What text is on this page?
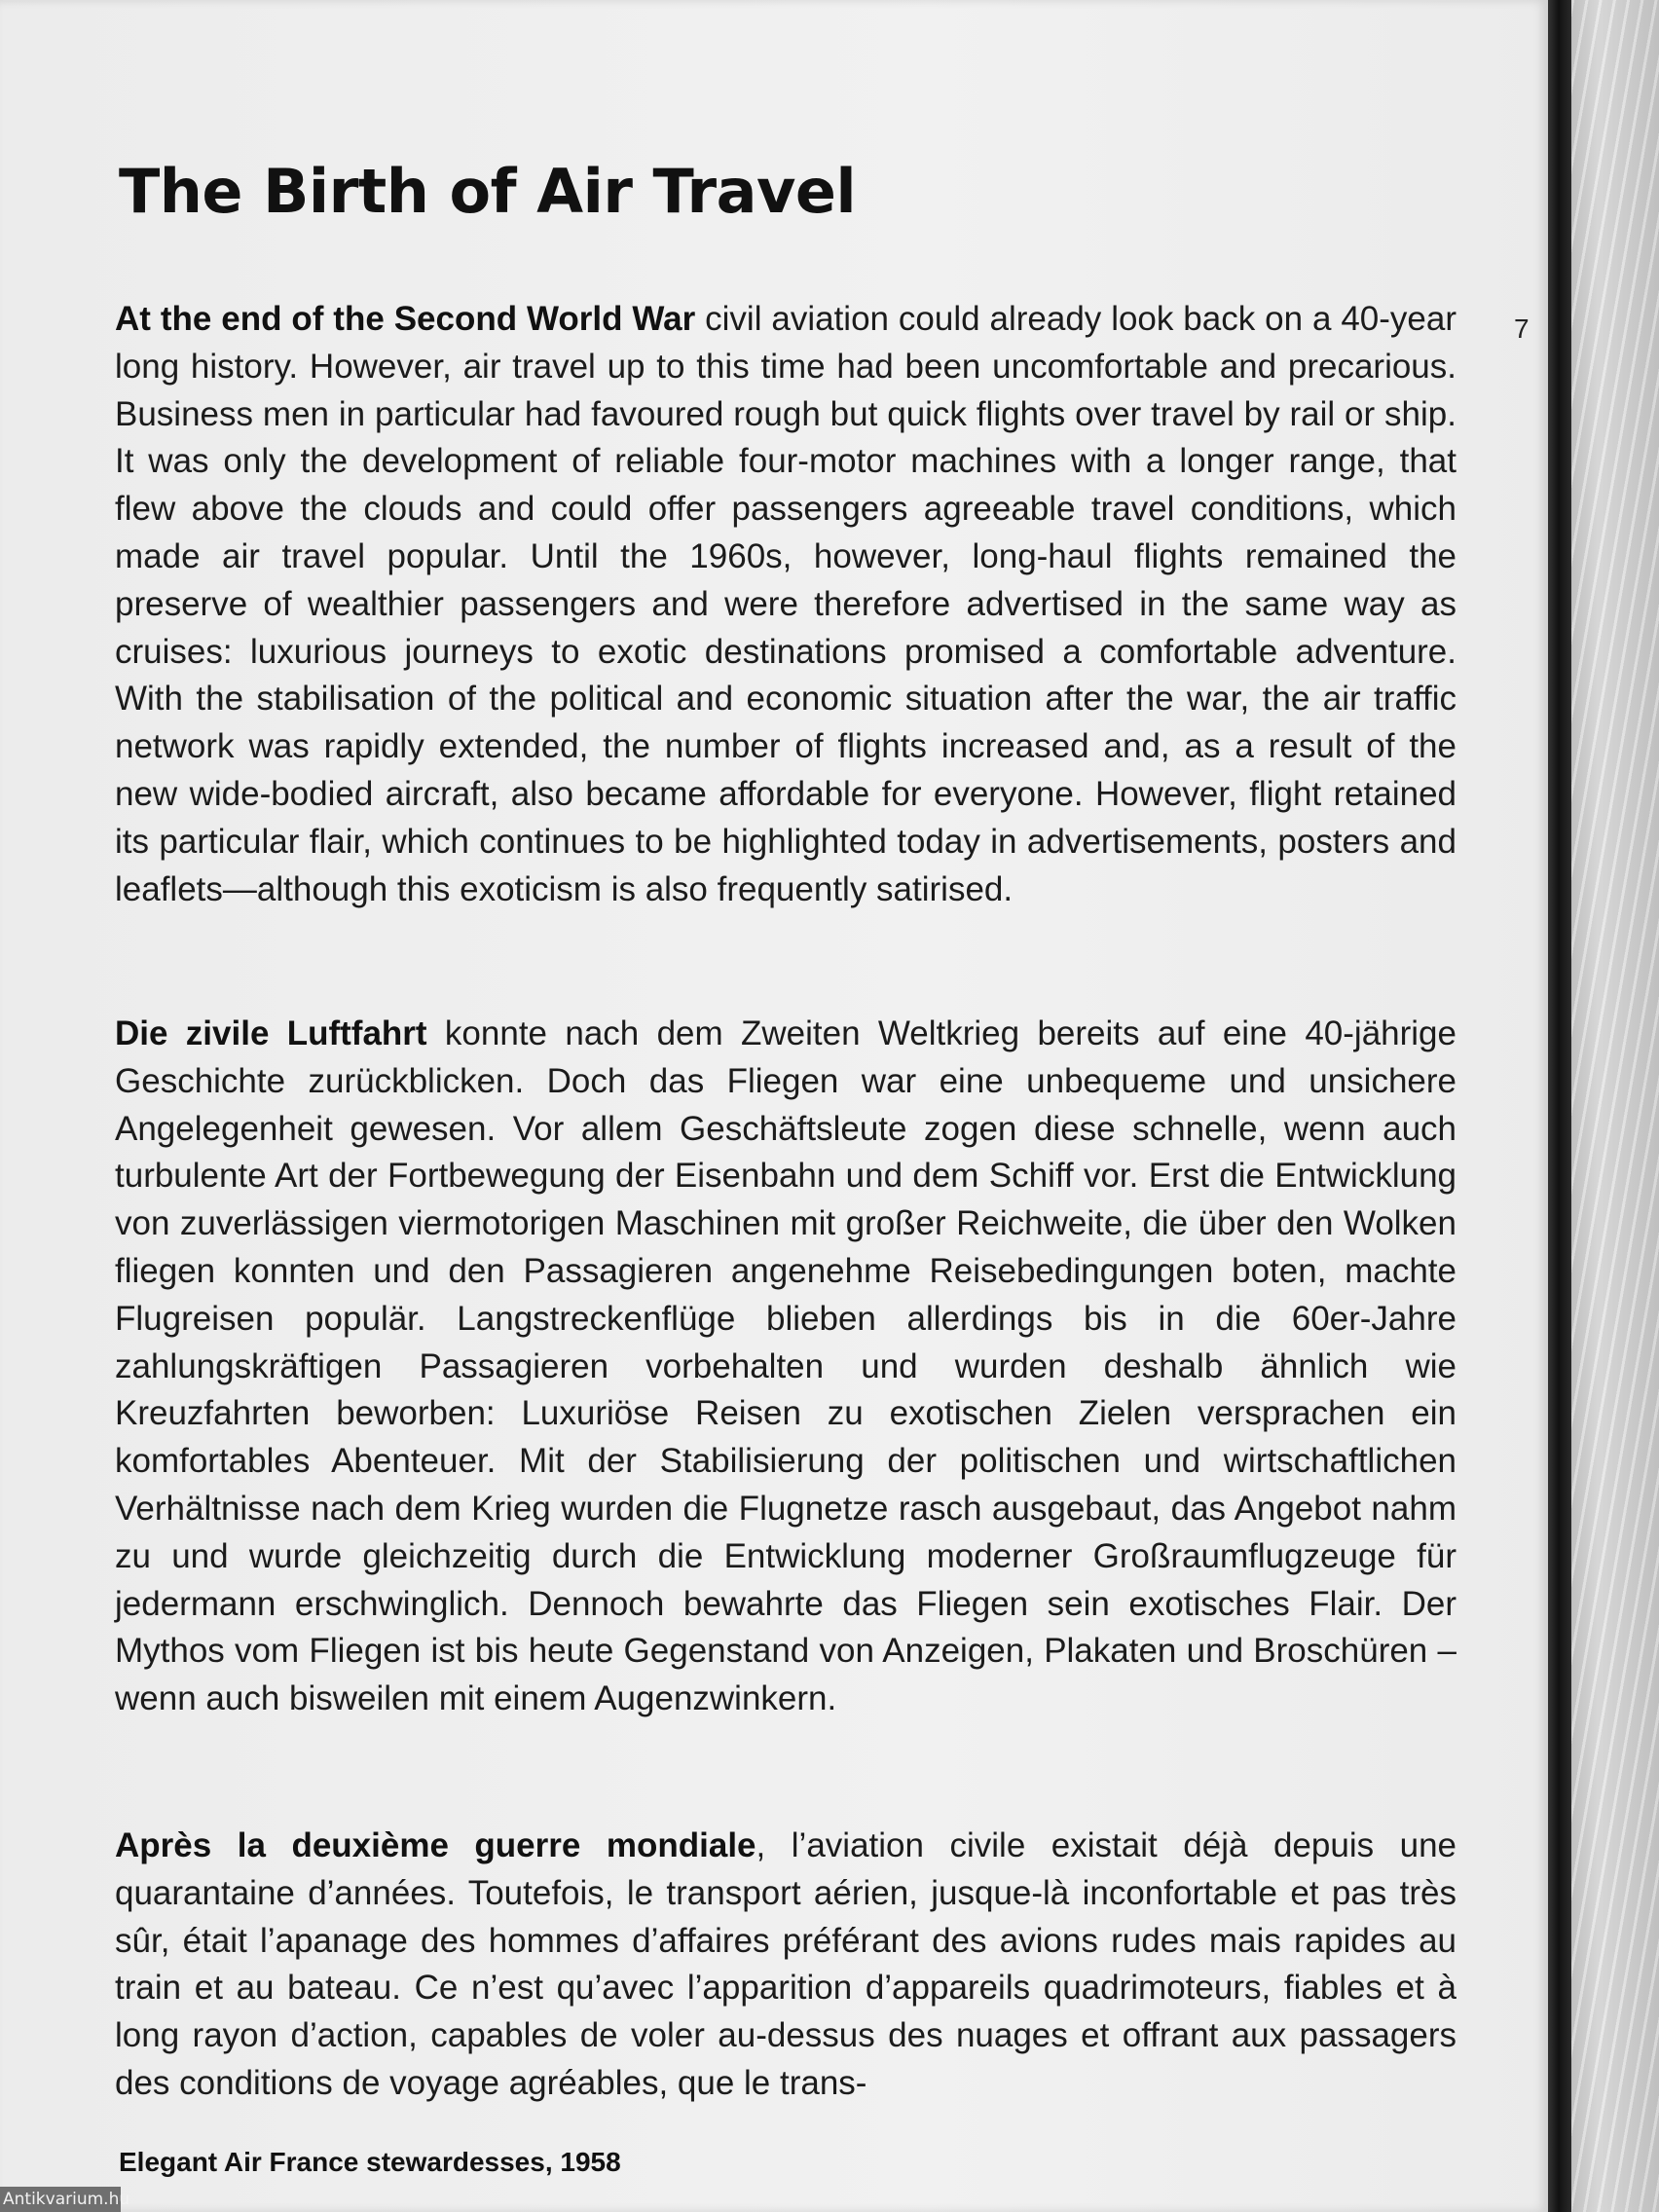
The Birth of Air Travel
7

At the end of the Second World War civil aviation could already look back on a 40-year long history. However, air travel up to this time had been uncomfortable and precarious. Business men in particular had favoured rough but quick flights over travel by rail or ship. It was only the development of reliable four-motor machines with a longer range, that flew above the clouds and could offer passengers agreeable travel conditions, which made air travel popular. Until the 1960s, however, long-haul flights remained the preserve of wealthier passengers and were therefore advertised in the same way as cruises: luxurious journeys to exotic destinations promised a comfortable adventure. With the stabilisation of the political and economic situation after the war, the air traffic network was rapidly extended, the number of flights increased and, as a result of the new wide-bodied aircraft, also became affordable for everyone. However, flight retained its particular flair, which continues to be highlighted today in advertisements, posters and leaflets—although this exoticism is also frequently satirised.

Die zivile Luftfahrt konnte nach dem Zweiten Weltkrieg bereits auf eine 40-jährige Geschichte zurückblicken. Doch das Fliegen war eine unbequeme und unsichere Angelegenheit gewesen. Vor allem Geschäftsleute zogen diese schnelle, wenn auch turbulente Art der Fortbewegung der Eisenbahn und dem Schiff vor. Erst die Entwicklung von zuverlässigen viermotorigen Maschinen mit großer Reichweite, die über den Wolken fliegen konnten und den Passagieren angenehme Reisebedingungen boten, machte Flugreisen populär. Langstreckenflüge blieben allerdings bis in die 60er-Jahre zahlungskräftigen Passagieren vorbehalten und wurden deshalb ähnlich wie Kreuzfahrten beworben: Luxuriöse Reisen zu exotischen Zielen versprachen ein komfortables Abenteuer. Mit der Stabilisierung der politischen und wirtschaftlichen Verhältnisse nach dem Krieg wurden die Flugnetze rasch ausgebaut, das Angebot nahm zu und wurde gleichzeitig durch die Entwicklung moderner Großraumflugzeuge für jedermann erschwinglich. Dennoch bewahrte das Fliegen sein exotisches Flair. Der Mythos vom Fliegen ist bis heute Gegenstand von Anzeigen, Plakaten und Broschüren – wenn auch bisweilen mit einem Augenzwinkern.

Après la deuxième guerre mondiale, l’aviation civile existait déjà depuis une quarantaine d’années. Toutefois, le transport aérien, jusque-là inconfortable et pas très sûr, était l’apanage des hommes d’affaires préférant des avions rudes mais rapides au train et au bateau. Ce n’est qu’avec l’apparition d’appareils quadrimoteurs, fiables et à long rayon d’action, capables de voler au-dessus des nuages et offrant aux passagers des conditions de voyage agréables, que le trans-

Elegant Air France stewardesses, 1958

Antikvarium.hu
